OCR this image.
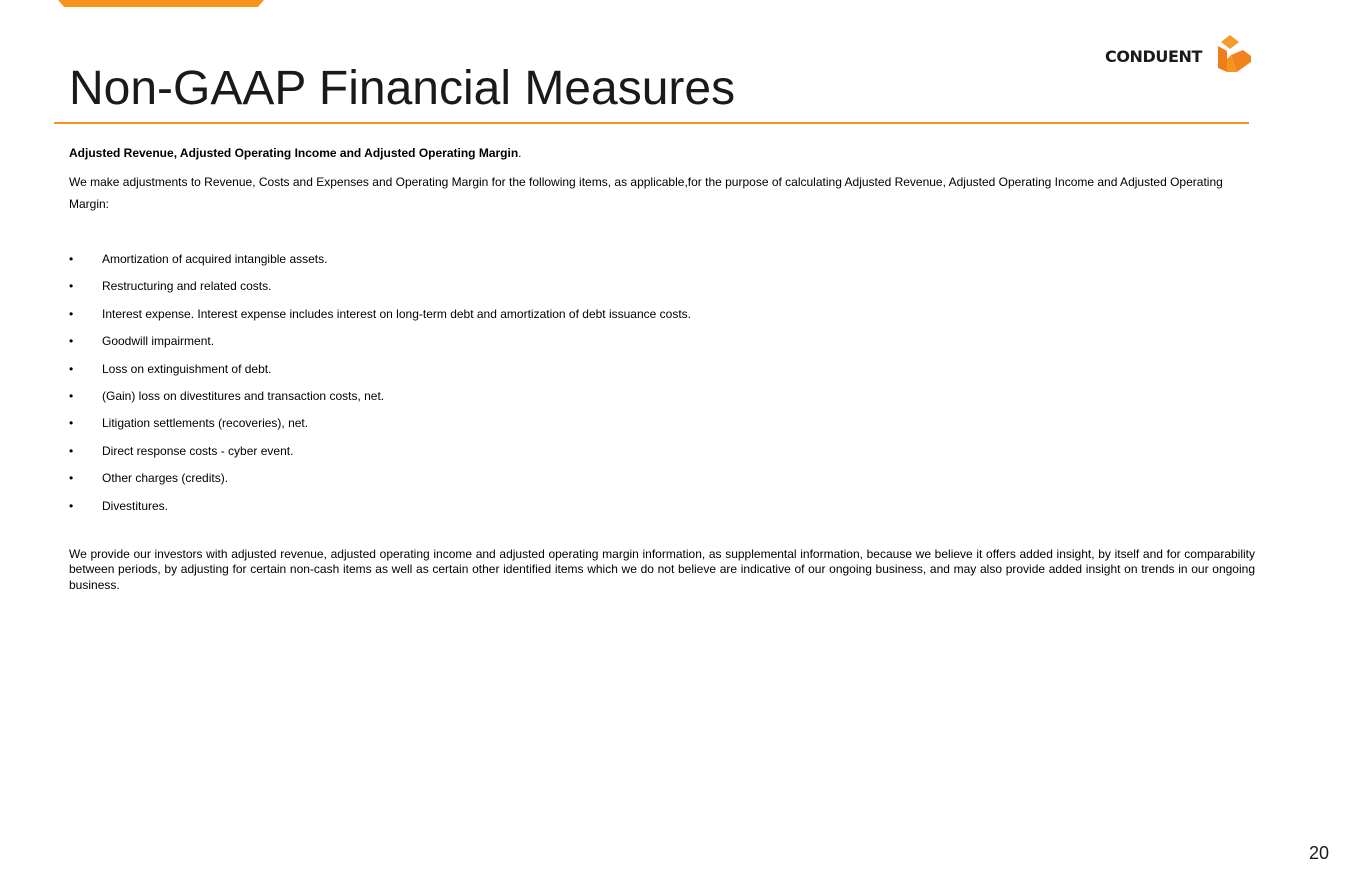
CONDUENT
Non-GAAP Financial Measures

Adjusted Revenue, Adjusted Operating Income and Adjusted Operating Margin.

We make adjustments to Revenue, Costs and Expenses and Operating Margin for the following items, as applicable,for the purpose of calculating Adjusted Revenue, Adjusted Operating Income and Adjusted Operating Margin:

• Amortization of acquired intangible assets.
• Restructuring and related costs.
• Interest expense. Interest expense includes interest on long-term debt and amortization of debt issuance costs.
• Goodwill impairment.
• Loss on extinguishment of debt.
• (Gain) loss on divestitures and transaction costs, net.
• Litigation settlements (recoveries), net.
• Direct response costs - cyber event.
• Other charges (credits).
• Divestitures.

We provide our investors with adjusted revenue, adjusted operating income and adjusted operating margin information, as supplemental information, because we believe it offers added insight, by itself and for comparability between periods, by adjusting for certain non-cash items as well as certain other identified items which we do not believe are indicative of our ongoing business, and may also provide added insight on trends in our ongoing business.

20
